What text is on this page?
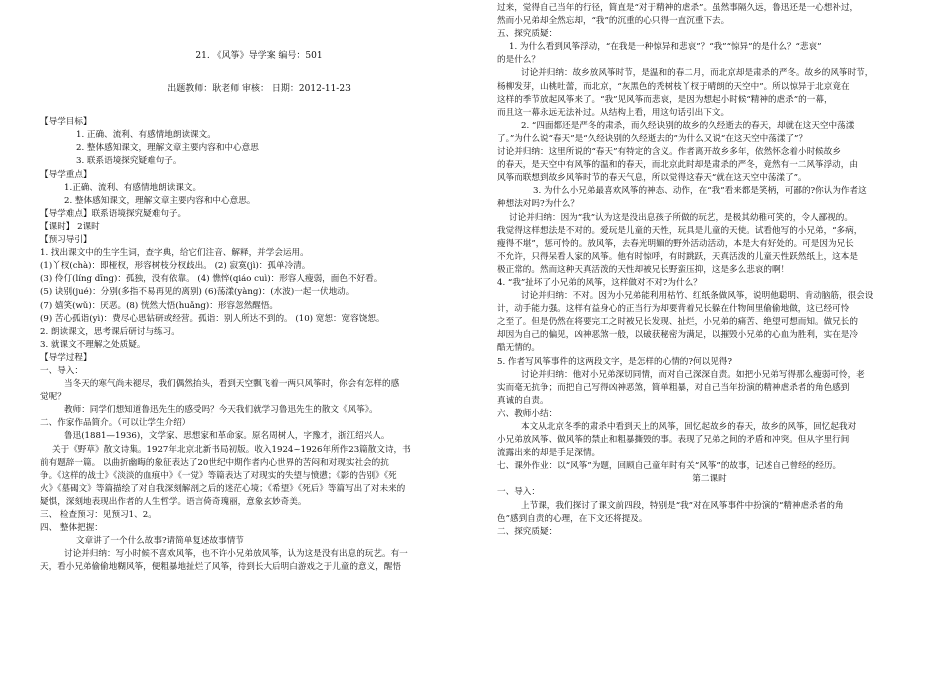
21. 《风筝》导学案 编号：501
出题教师：耿老师 审核： 日期：2012-11-23
【导学目标】
1. 正确、流利、有感情地朗读课文。
2. 整体感知课文，理解文章主要内容和中心意思
3. 联系语境探究疑难句子。
【导学重点】
1.正确、流利、有感情地朗读课文。
2. 整体感知课文，理解文章主要内容和中心意思。
【导学难点】联系语境探究疑难句子。
【课时】 2课时
【预习导引】
1. 找出课文中的生字生词，查字典，给它们注音、解释，并学会运用。
(1)丫杈(chà)：即桠杈，形容树枝分杈歧出。 (2) 寂寞(jì)：孤单冷清。
(3) 伶仃(líng dīng)：孤独，没有依靠。 (4) 憔悴(qiáo cuì)：形容人瘦弱，面色不好看。
(5) 诀别(jué)：分别(多指不易再见的离别) (6)荡漾(yàng)：(水波)一起一伏地动。
(7) 嬉笑(wǔ)：厌恶。(8) 恍然大悟(huǎng)：形容忽然醒悟。
(9) 苦心孤诣(yì)：费尽心思钻研或经营。孤诣：别人所达不到的。 (10) 宽恕：宽容饶恕。
2. 朗读课文，思考课后研讨与练习。
3. 就课文不理解之处质疑。
【导学过程】
一、导入：
当冬天的寒气尚未褪尽，我们偶然抬头，看到天空飘飞着一两只风筝时，你会有怎样的感
觉呢？
教师：同学们想知道鲁迅先生的感受吗？今天我们就学习鲁迅先生的散文《风筝》。
二、作家作品简介。（可以让学生介绍）
鲁迅(1881—1936)，文学家、思想家和革命家。原名周树人，字豫才，浙江绍兴人。
关于《野草》散文诗集。1927年北京北新书局初版。收入1924~1926年所作23篇散文诗，书
前有题辞一篇。 以曲折幽晦的象征表达了20世纪中期作者内心世界的苦闷和对现实社会的抗
争。《这样的战士》《淡淡的血痕中》《一觉》等篇表达了对现实的失望与愤懑；《影的告别》《死
火》《墓碣文》等篇描绘了对自我深刻解剖之后的迷茫心境；《希望》《死后》等篇写出了对未来的
疑惧，深刻地表现出作者的人生哲学。语言倚奇瑰丽，意象玄妙奇美。
三、 检查预习：见预习1、2。
四、 整体把握：
文章讲了一个什么故事?请简单复述故事情节
讨论并归纳：写小时候不喜欢风筝，也不许小兄弟放风筝，认为这是没有出息的玩艺。有一
天，看小兄弟偷偷地糊风筝，便粗暴地扯烂了风筝，待到长大后明白游戏之于儿童的意义，醒悟
过来，觉得自己当年的行径，简直是“对于精神的虐杀”。虽然事隔久远，鲁迅还是一心想补过，
然而小兄弟却全然忘却，“我”的沉重的心只得一直沉重下去。
五、探究质疑：
1. 为什么看到风筝浮动，“在我是一种惊异和悲哀”？“我”“惊异”的是什么？“悲哀”
的是什么？
讨论并归纳：故乡放风筝时节，是温和的春二月，而北京却是肃杀的严冬。故乡的风筝时节，
杨柳发芽，山桃吐蕾，而北京，“灰黑色的秃树枝丫杈于晴朗的天空中”。所以惊异于北京竟在
这样的季节放起风筝来了。“我”见风筝而悲哀，是因为想起小时候“精神的虐杀”的一幕，
而且这一幕永远无法补过。从结构上看，用这句话引出下文。
2. “四面都还是严冬的肃杀，而久经诀别的故乡的久经逝去的春天，却就在这天空中荡漾
了。”为什么说“春天”是“久经诀别的久经逝去的”为什么又说“在这天空中荡漾了”？
讨论并归纳：这里所说的“春天”有特定的含义。作者离开故乡多年，依然怀念着小时候故乡
的春天，是天空中有风筝的温和的春天，而北京此时却是肃杀的严冬，竟然有一二风筝浮动，由
风筝而联想到故乡风筝时节的春天气息，所以觉得这春天“就在这天空中荡漾了”。
3. 为什么小兄弟最喜欢风筝的神态、动作，在“我”看来都是笑柄，可鄙的?你认为作者这
种想法对吗?为什么？
讨论并归纳：因为“我”认为这是没出息孩子所做的玩艺，是极其幼稚可笑的，令人鄙视的。
我觉得这样想法是不对的。爱玩是儿童的天性，玩具是儿童的天使。试看他写的小兄弟，“多病，
瘦得不堪”，惩可怜的。放风筝，去春光明媚的野外活动活动，本是大有好处的。可是因为兄长
不允许，只得呆看人家的风筝。他有时惊呼，有时跳跃，天真活泼的儿童天性跃然纸上，这本是
极正常的。然而这种天真活泼的天性却被兄长野蛮压抑，这是多么悲哀的啊！
4. “我”扯坏了小兄弟的风筝，这样做对不对?为什么？
讨论并归纳：不对。因为小兄弟能利用枯竹、红纸条做风筝，说明他聪明、肯动脑筋，很会设
计，动手能力强。这样有益身心的正当行为却要背着兄长躲在什物间里偷偷地做，这已经可怜
之至了。但是仍然在将要完工之时被兄长发现、扯烂，小兄弟的痛苦、绝望可想而知。做兄长的
却因为自己的偏见，凶神恶煞一般，以破获秘密为满足，以摧毁小兄弟的心血为胜利，实在是冷
酷无情的。
5. 作者写风筝事件的这两段文字，是怎样的心情的?何以见得?
讨论并归纳：他对小兄弟深切同情，而对自己深深自责。如把小兄弟写得那么瘦弱可怜，老
实而毫无抗争；而把自己写得凶神恶煞，简单粗暴，对自己当年扮演的精神虐杀者的角色感到
真诚的自责。
六、教师小结：
本文从北京冬季的肃杀中看到天上的风筝，回忆起故乡的春天，故乡的风筝，回忆起我对
小兄弟放风筝、做风筝的禁止和粗暴撕毁的事。表现了兄弟之间的矛盾和冲突。但从字里行间
流露出来的却是手足深情。
七、课外作业：以“风筝”为题，回顾自己童年时有关“风筝”的故事，记述自己曾经的经历。
第二课时
一、导入：
上节课，我们探讨了课文前四段，特别是“我”对在风筝事件中扮演的“精神虐杀者的角
色”感到自责的心理，在下文还将提及。
二、探究质疑：
